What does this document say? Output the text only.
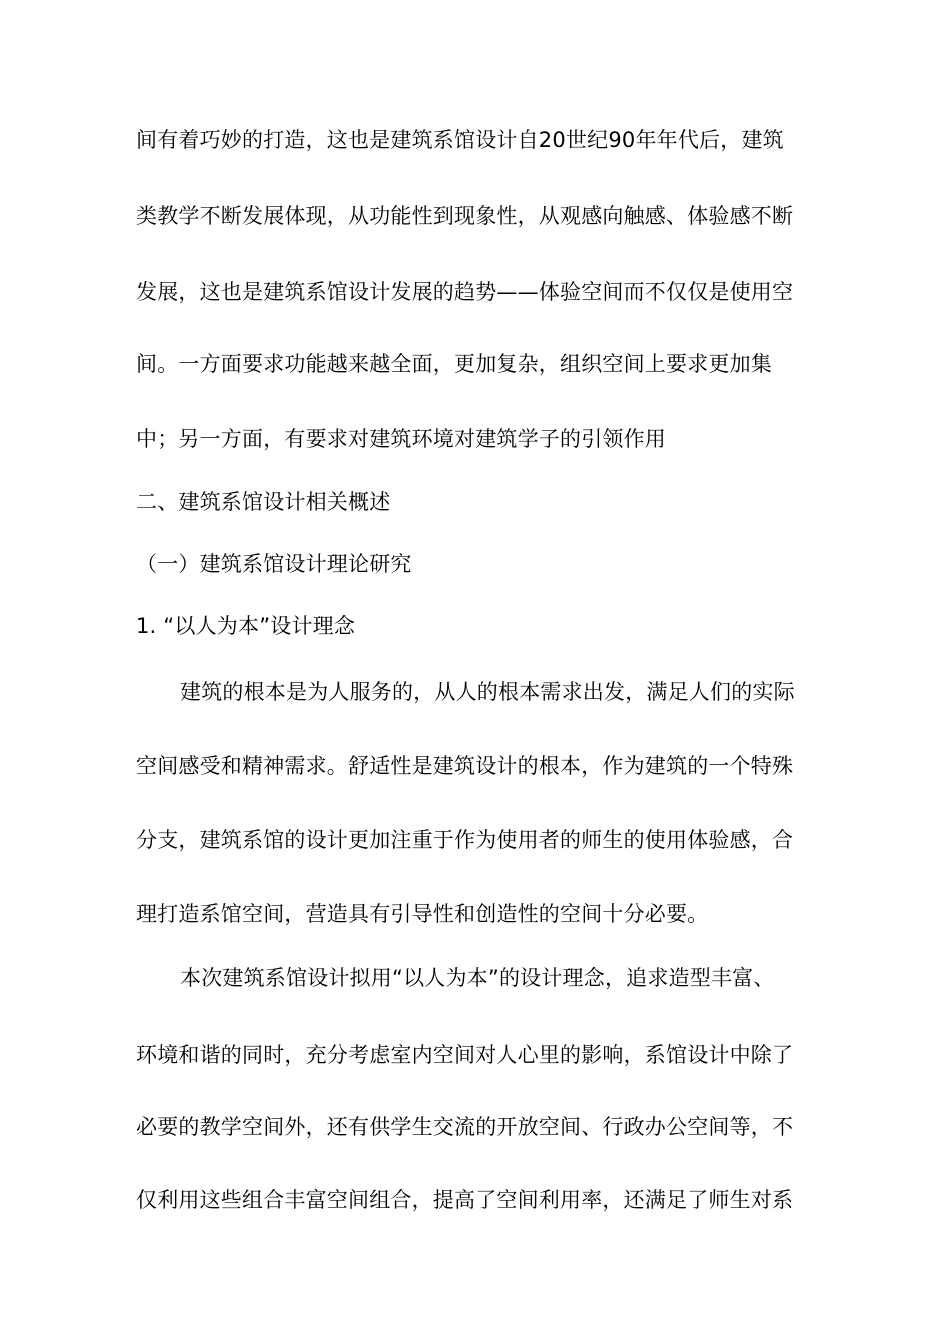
间有着巧妙的打造，这也是建筑系馆设计自20世纪90年年代后，建筑
类教学不断发展体现，从功能性到现象性，从观感向触感、体验感不断
发展，这也是建筑系馆设计发展的趋势——体验空间而不仅仅是使用空
间。一方面要求功能越来越全面，更加复杂，组织空间上要求更加集
中；另一方面，有要求对建筑环境对建筑学子的引领作用
二、建筑系馆设计相关概述
（一）建筑系馆设计理论研究
1. “以人为本”设计理念
建筑的根本是为人服务的，从人的根本需求出发，满足人们的实际
空间感受和精神需求。舒适性是建筑设计的根本，作为建筑的一个特殊
分支，建筑系馆的设计更加注重于作为使用者的师生的使用体验感，合
理打造系馆空间，营造具有引导性和创造性的空间十分必要。
本次建筑系馆设计拟用“以人为本”的设计理念，追求造型丰富、
环境和谐的同时，充分考虑室内空间对人心里的影响，系馆设计中除了
必要的教学空间外，还有供学生交流的开放空间、行政办公空间等，不
仅利用这些组合丰富空间组合，提高了空间利用率，还满足了师生对系
